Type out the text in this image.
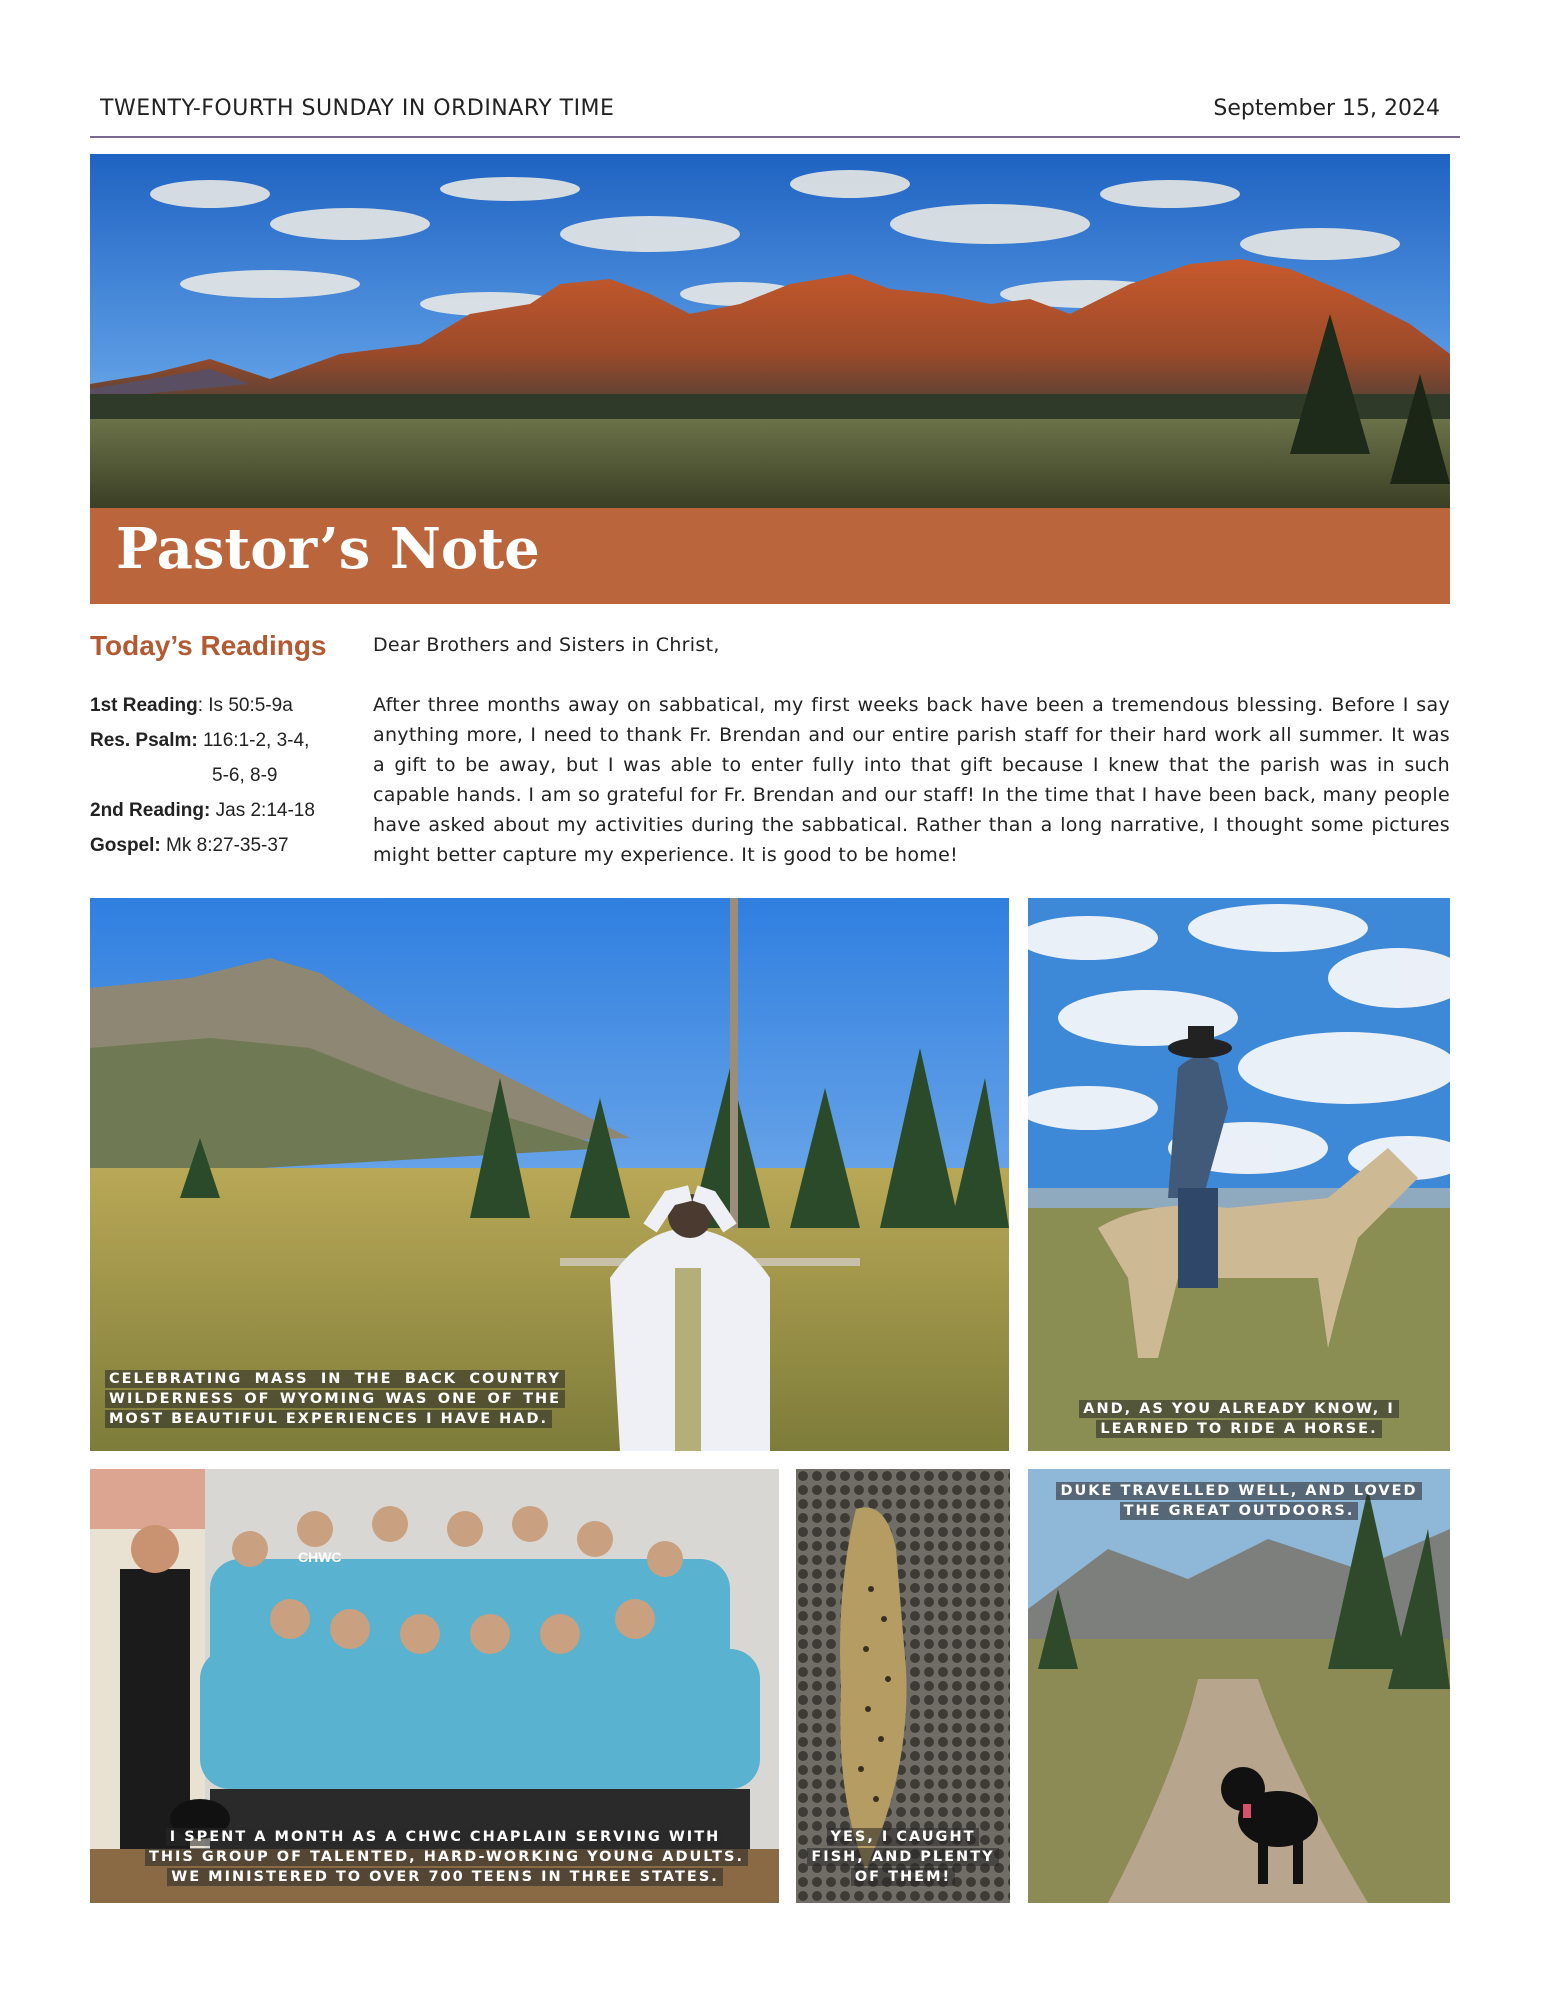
TWENTY-FOURTH SUNDAY IN ORDINARY TIME	September 15, 2024
Pastor’s Note
Today’s Readings
1st Reading: Is 50:5-9a
Res. Psalm: 116:1-2, 3-4,
5-6, 8-9
2nd Reading: Jas 2:14-18
Gospel: Mk 8:27-35-37
Dear Brothers and Sisters in Christ,
After three months away on sabbatical, my first weeks back have been a tremendous blessing. Before I say anything more, I need to thank Fr. Brendan and our entire parish staff for their hard work all summer. It was a gift to be away, but I was able to enter fully into that gift because I knew that the parish was in such capable hands. I am so grateful for Fr. Brendan and our staff! In the time that I have been back, many people have asked about my activities during the sabbatical. Rather than a long narrative, I thought some pictures might better capture my experience. It is good to be home!
CELEBRATING MASS IN THE BACK COUNTRY WILDERNESS OF WYOMING WAS ONE OF THE MOST BEAUTIFUL EXPERIENCES I HAVE HAD.
AND, AS YOU ALREADY KNOW, I LEARNED TO RIDE A HORSE.
CHWC
I SPENT A MONTH AS A CHWC CHAPLAIN SERVING WITH THIS GROUP OF TALENTED, HARD-WORKING YOUNG ADULTS. WE MINISTERED TO OVER 700 TEENS IN THREE STATES.
YES, I CAUGHT FISH, AND PLENTY OF THEM!
DUKE TRAVELLED WELL, AND LOVED THE GREAT OUTDOORS.
